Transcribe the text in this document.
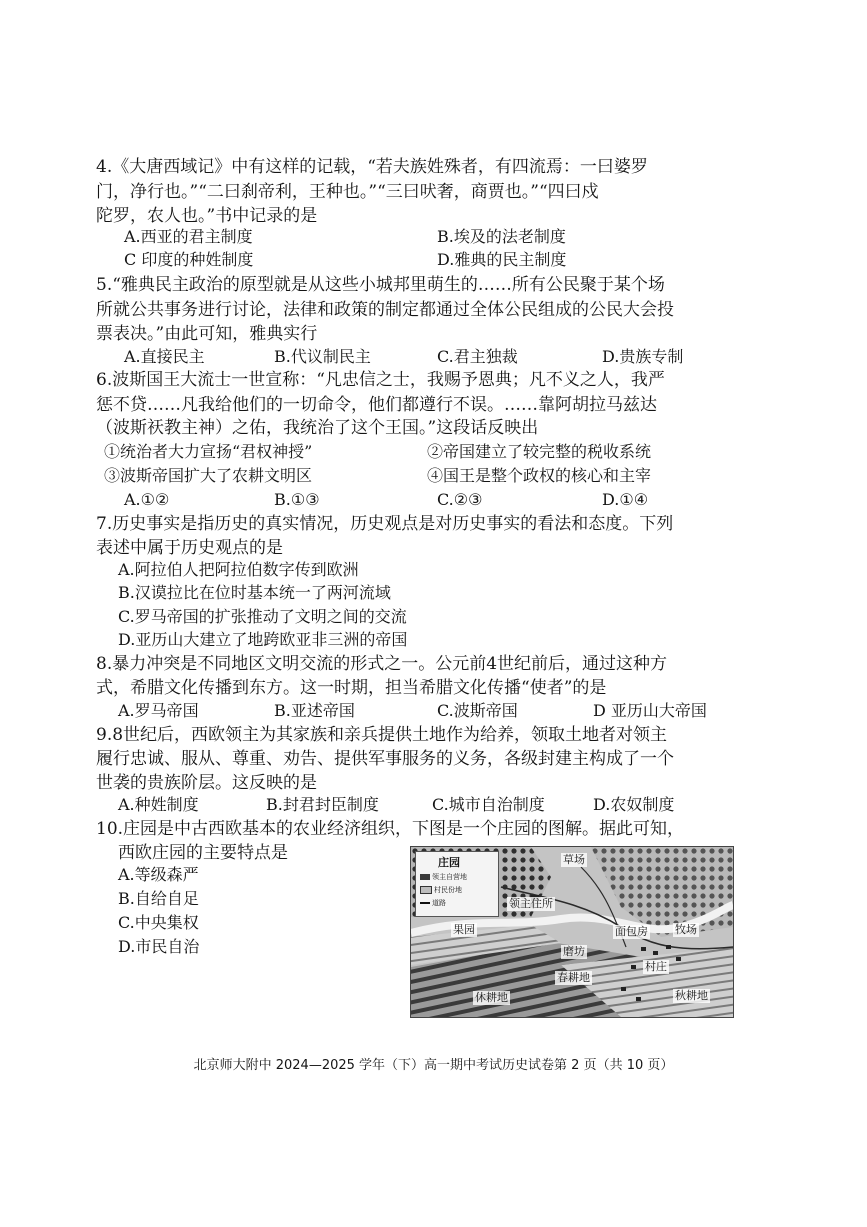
4.《大唐西域记》中有这样的记载，“若夫族姓殊者，有四流焉：一曰婆罗
门，净行也。”“二曰刹帝利，王种也。”“三曰吠奢，商贾也。”“四曰戍
陀罗，农人也。”书中记录的是
A.西亚的君主制度	B.埃及的法老制度
C 印度的种姓制度	D.雅典的民主制度
5.“雅典民主政治的原型就是从这些小城邦里萌生的……所有公民聚于某个场
所就公共事务进行讨论，法律和政策的制定都通过全体公民组成的公民大会投
票表决。”由此可知，雅典实行
A.直接民主	B.代议制民主	C.君主独裁	D.贵族专制
6.波斯国王大流士一世宣称：“凡忠信之士，我赐予恩典；凡不义之人，我严
惩不贷……凡我给他们的一切命令，他们都遵行不误。……靠阿胡拉马兹达
（波斯祆教主神）之佑，我统治了这个王国。”这段话反映出
①统治者大力宣扬“君权神授”	②帝国建立了较完整的税收系统
③波斯帝国扩大了农耕文明区	④国王是整个政权的核心和主宰
A.①②	B.①③	C.②③	D.①④
7.历史事实是指历史的真实情况，历史观点是对历史事实的看法和态度。下列
表述中属于历史观点的是
A.阿拉伯人把阿拉伯数字传到欧洲
B.汉谟拉比在位时基本统一了两河流域
C.罗马帝国的扩张推动了文明之间的交流
D.亚历山大建立了地跨欧亚非三洲的帝国
8.暴力冲突是不同地区文明交流的形式之一。公元前4世纪前后，通过这种方
式，希腊文化传播到东方。这一时期，担当希腊文化传播“使者”的是
A.罗马帝国	B.亚述帝国	C.波斯帝国	D 亚历山大帝国
9.8世纪后，西欧领主为其家族和亲兵提供土地作为给养，领取土地者对领主
履行忠诚、服从、尊重、劝告、提供军事服务的义务，各级封建主构成了一个
世袭的贵族阶层。这反映的是
A.种姓制度	B.封君封臣制度	C.城市自治制度	D.农奴制度
10.庄园是中古西欧基本的农业经济组织，下图是一个庄园的图解。据此可知，
西欧庄园的主要特点是
A.等级森严
B.自给自足
C.中央集权
D.市民自治
庄园
领主自营地
村民份地
道路
草场
领主住所
果园	面包房
磨坊
牧场
村庄
春耕地
休耕地	秋耕地
北京师大附中 2024—2025 学年（下）高一期中考试历史试卷第 2 页（共 10 页）
